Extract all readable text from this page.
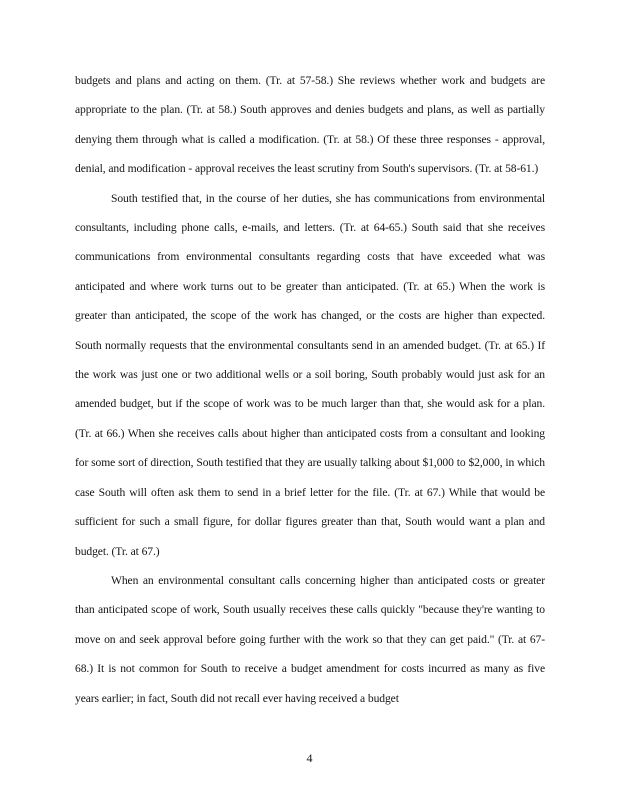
budgets and plans and acting on them. (Tr. at 57-58.) She reviews whether work and budgets are appropriate to the plan. (Tr. at 58.) South approves and denies budgets and plans, as well as partially denying them through what is called a modification. (Tr. at 58.) Of these three responses - approval, denial, and modification - approval receives the least scrutiny from South's supervisors. (Tr. at 58-61.)

South testified that, in the course of her duties, she has communications from environmental consultants, including phone calls, e-mails, and letters. (Tr. at 64-65.) South said that she receives communications from environmental consultants regarding costs that have exceeded what was anticipated and where work turns out to be greater than anticipated. (Tr. at 65.) When the work is greater than anticipated, the scope of the work has changed, or the costs are higher than expected. South normally requests that the environmental consultants send in an amended budget. (Tr. at 65.) If the work was just one or two additional wells or a soil boring, South probably would just ask for an amended budget, but if the scope of work was to be much larger than that, she would ask for a plan. (Tr. at 66.) When she receives calls about higher than anticipated costs from a consultant and looking for some sort of direction, South testified that they are usually talking about $1,000 to $2,000, in which case South will often ask them to send in a brief letter for the file. (Tr. at 67.) While that would be sufficient for such a small figure, for dollar figures greater than that, South would want a plan and budget. (Tr. at 67.)

When an environmental consultant calls concerning higher than anticipated costs or greater than anticipated scope of work, South usually receives these calls quickly "because they're wanting to move on and seek approval before going further with the work so that they can get paid." (Tr. at 67-68.) It is not common for South to receive a budget amendment for costs incurred as many as five years earlier; in fact, South did not recall ever having received a budget

4
